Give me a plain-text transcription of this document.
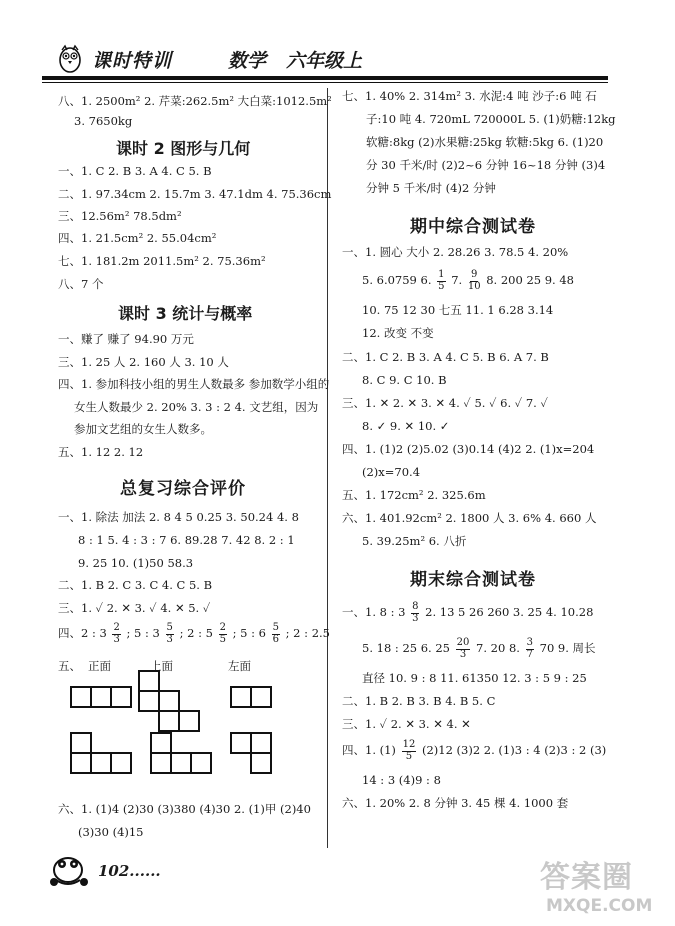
课时特训	数学 六年级上
八、1. 2500m² 2. 芹菜:262.5m² 大白菜:1012.5m²
3. 7650kg
课时 2 图形与几何
一、1. C 2. B 3. A 4. C 5. B
二、1. 97.34cm 2. 15.7m 3. 47.1dm 4. 75.36cm
三、12.56m² 78.5dm²
四、1. 21.5cm² 2. 55.04cm²
七、1. 181.2m 2011.5m² 2. 75.36m²
八、7 个
课时 3 统计与概率
一、赚了 赚了 94.90 万元
三、1. 25 人 2. 160 人 3. 10 人
四、1. 参加科技小组的男生人数最多 参加数学小组的
女生人数最少 2. 20% 3. 3 : 2 4. 文艺组，因为
参加文艺组的女生人数多。
五、1. 12 2. 12
总复习综合评价
一、1. 除法 加法 2. 8 4 5 0.25 3. 50.24 4. 8
8 : 1 5. 4 : 3 : 7 6. 89.28 7. 42 8. 2 : 1
9. 25 10. (1)50 58.3
二、1. B 2. C 3. C 4. C 5. B
三、1. ✓ 2. ✕ 3. ✓ 4. ✕ 5. ✓
四、2 : $3 \frac{2}{3}$ ; 5 : $3 \frac{5}{3}$ ; 2 : $5 \frac{2}{5}$ ; 5 : $6 \frac{5}{6}$ ; 2 : 2.5
五、 正面	上面	左面
六、1. (1)4 (2)30 (3)380 (4)30 2. (1)甲 (2)40
(3)30 (4)15
七、1. 40% 2. 314m² 3. 水泥:4 吨 沙子:6 吨 石
子:10 吨 4. 720mL 720000L 5. (1)奶糖:12kg
软糖:8kg (2)水果糖:25kg 软糖:5kg 6. (1)20
分 30 千米/时 (2)2~6 分钟 16~18 分钟 (3)4
分钟 5 千米/时 (4)2 分钟
期中综合测试卷
一、1. 圆心 大小 2. 28.26 3. 78.5 4. 20%
5. 6.0759 6. $\frac{1}{5} 7$. $\frac{9}{10} 8$. 200 25 9. 48
10. 75 12 30 七五 11. 1 6.28 3.14
12. 改变 不变
二、1. C 2. B 3. A 4. C 5. B 6. A 7. B
8. C 9. C 10. B
三、1. ✕ 2. ✕ 3. ✕ 4. ✓ 5. ✓ 6. ✓ 7. ✓
8. ✓ 9. ✕ 10. ✓
四、1. (1)2 (2)5.02 (3)0.14 (4)2 2. (1)x=204
(2)x=70.4
五、1. 172cm² 2. 325.6m
六、1. 401.92cm² 2. 1800 人 3. 6% 4. 660 人
5. 39.25m² 6. 八折
期末综合测试卷
一、1. 8 : $3 \frac{8}{3} 2$. 13 5 26 260 3. 25 4. 10.28
5. 18 : 25 6. $25 \frac{20}{3} 7$. 20 8. $\frac{3}{7} 70$ 9. 周长
直径 10. 9 : 8 11. 61350 12. 3 : 5 9 : 25
二、1. B 2. B 3. B 4. B 5. C
三、1. ✓ 2. ✕ 3. ✕ 4. ✕
四、1. $(1) \frac{12}{5} (2)12$ (3)2 2. (1)3 : 4 (2)3 : 2 (3)
14 : 3 (4)9 : 8
六、1. 20% 2. 8 分钟 3. 45 棵 4. 1000 套
102......	答案圈
MXQE.COM
